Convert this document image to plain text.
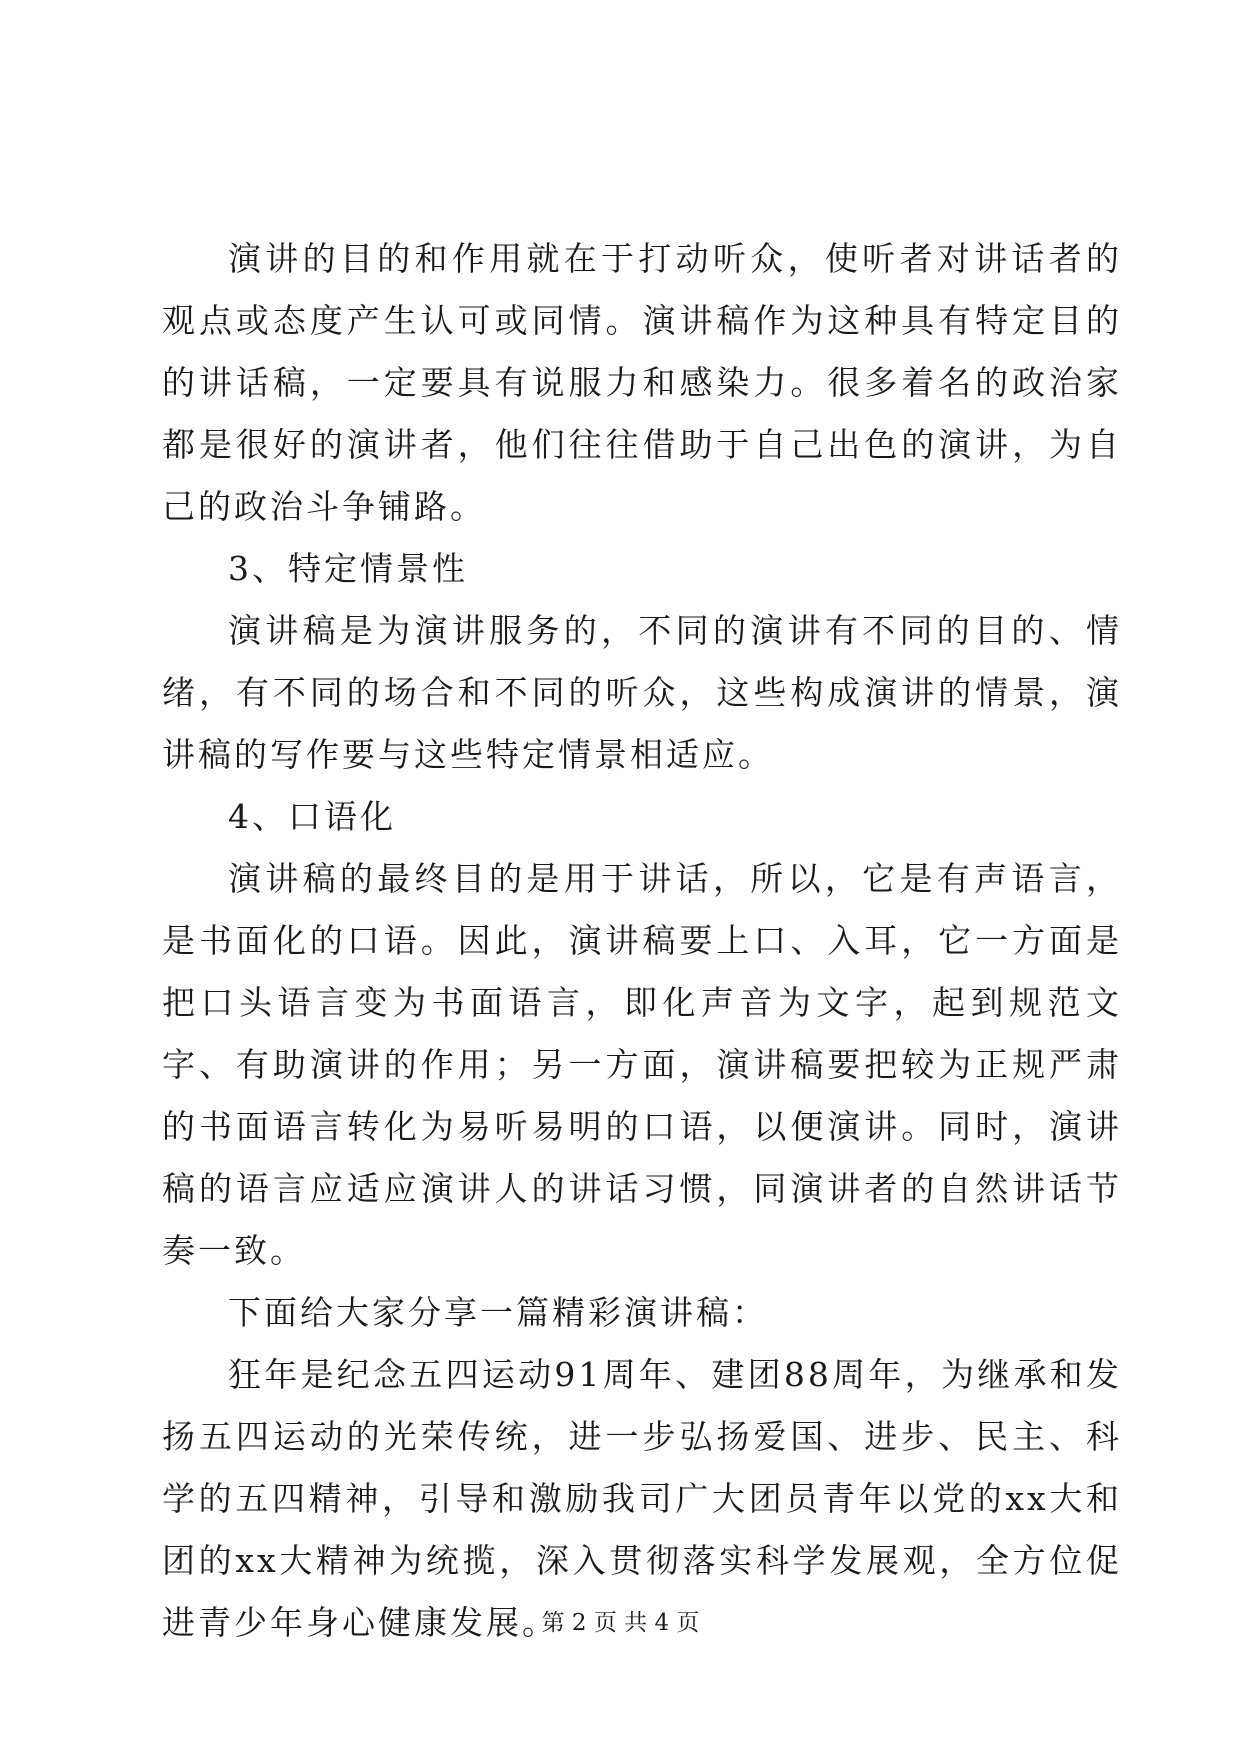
演讲的目的和作用就在于打动听众，使听者对讲话者的观点或态度产生认可或同情。演讲稿作为这种具有特定目的的讲话稿，一定要具有说服力和感染力。很多着名的政治家都是很好的演讲者，他们往往借助于自己出色的演讲，为自己的政治斗争铺路。

3、特定情景性

演讲稿是为演讲服务的，不同的演讲有不同的目的、情绪，有不同的场合和不同的听众，这些构成演讲的情景，演讲稿的写作要与这些特定情景相适应。

4、口语化

演讲稿的最终目的是用于讲话，所以，它是有声语言，是书面化的口语。因此，演讲稿要上口、入耳，它一方面是把口头语言变为书面语言，即化声音为文字，起到规范文字、有助演讲的作用；另一方面，演讲稿要把较为正规严肃的书面语言转化为易听易明的口语，以便演讲。同时，演讲稿的语言应适应演讲人的讲话习惯，同演讲者的自然讲话节奏一致。

下面给大家分享一篇精彩演讲稿：

狂年是纪念五四运动91周年、建团88周年，为继承和发扬五四运动的光荣传统，进一步弘扬爱国、进步、民主、科学的五四精神，引导和激励我司广大团员青年以党的xx大和团的xx大精神为统揽，深入贯彻落实科学发展观，全方位促进青少年身心健康发展。

第 2 页 共 4 页
